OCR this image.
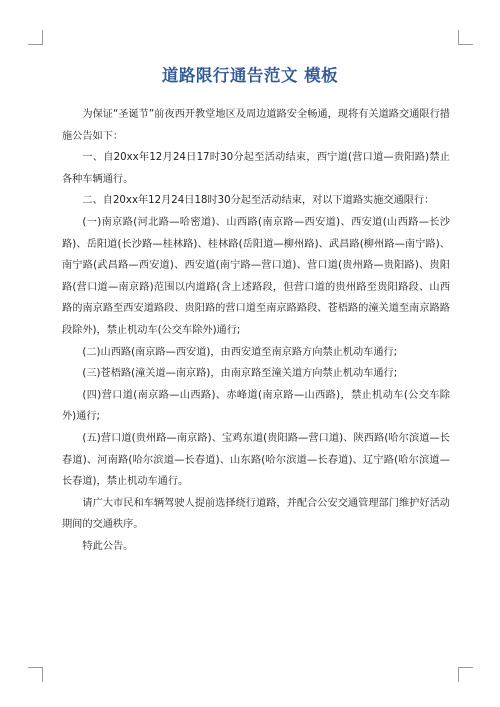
道路限行通告范文 模板

为保证“圣诞节”前夜西开教堂地区及周边道路安全畅通，现将有关道路交通限行措施公告如下：

一、自20xx年12月24日17时30分起至活动结束，西宁道(营口道—贵阳路)禁止各种车辆通行。

二、自20xx年12月24日18时30分起至活动结束，对以下道路实施交通限行：

(一)南京路(河北路—哈密道)、山西路(南京路—西安道)、西安道(山西路—长沙路)、岳阳道(长沙路—桂林路)、桂林路(岳阳道—柳州路)、武昌路(柳州路—南宁路)、南宁路(武昌路—西安道)、西安道(南宁路—营口道)、营口道(贵州路—贵阳路)、贵阳路(营口道—南京路)范围以内道路(含上述路段，但营口道的贵州路至贵阳路段、山西路的南京路至西安道路段、贵阳路的营口道至南京路路段、苍梧路的潼关道至南京路路段除外)，禁止机动车(公交车除外)通行;

(二)山西路(南京路—西安道)，由西安道至南京路方向禁止机动车通行;

(三)苍梧路(潼关道—南京路)，由南京路至潼关道方向禁止机动车通行;

(四)营口道(南京路—山西路)、赤峰道(南京路—山西路)，禁止机动车(公交车除外)通行;

(五)营口道(贵州路—南京路)、宝鸡东道(贵阳路—营口道)、陕西路(哈尔滨道—长春道)、河南路(哈尔滨道—长春道)、山东路(哈尔滨道—长春道)、辽宁路(哈尔滨道—长春道)，禁止机动车通行。

请广大市民和车辆驾驶人提前选择绕行道路，并配合公安交通管理部门维护好活动期间的交通秩序。

特此公告。
